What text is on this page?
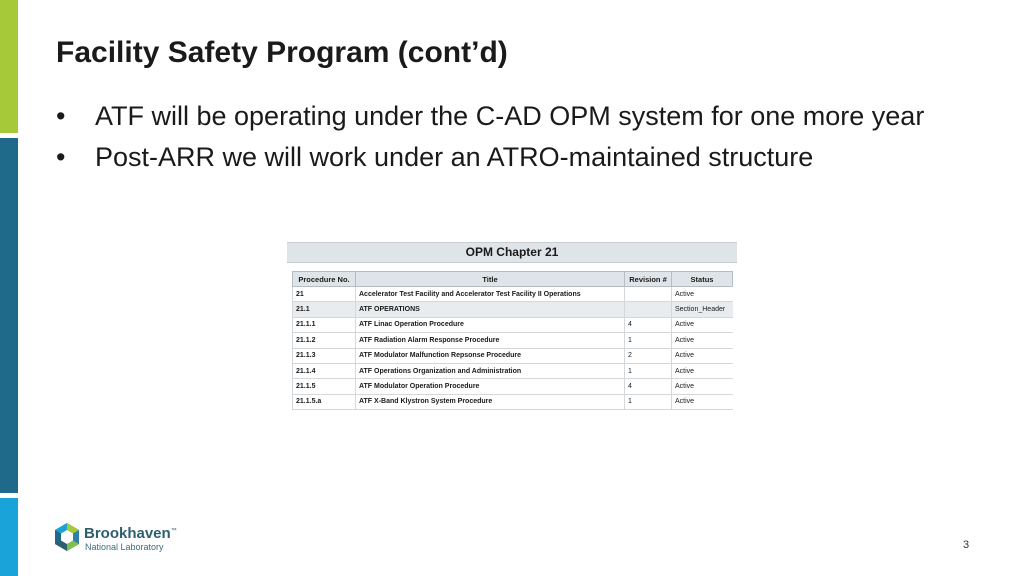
Facility Safety Program (cont’d)
• ATF will be operating under the C-AD OPM system for one more year
• Post-ARR we will work under an ATRO-maintained structure
OPM Chapter 21
Procedure No.	Title	Revision #	Status
21	Accelerator Test Facility and Accelerator Test Facility II Operations		Active
21.1	ATF OPERATIONS		Section_Header
21.1.1	ATF Linac Operation Procedure	4	Active
21.1.2	ATF Radiation Alarm Response Procedure	1	Active
21.1.3	ATF Modulator Malfunction Repsonse Procedure	2	Active
21.1.4	ATF Operations Organization and Administration	1	Active
21.1.5	ATF Modulator Operation Procedure	4	Active
21.1.5.a	ATF X-Band Klystron System Procedure	1	Active
Brookhaven™
National Laboratory	3
